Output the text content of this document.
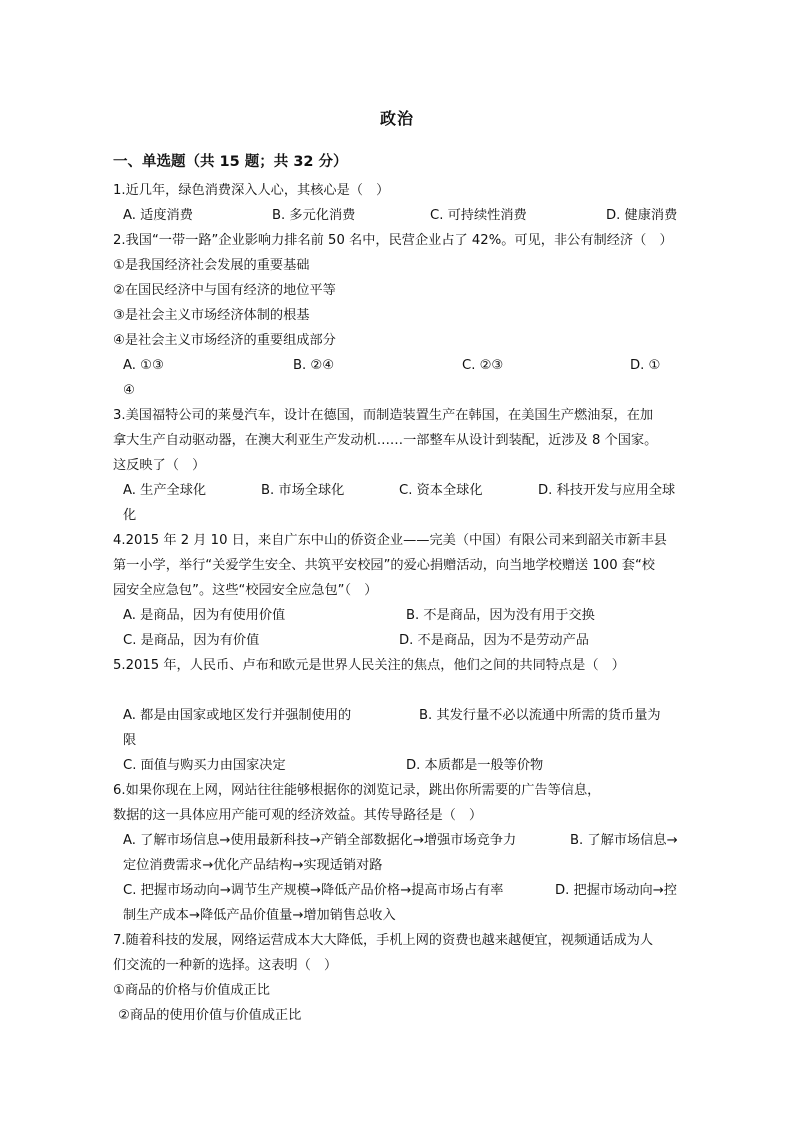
政治
一、单选题（共 15 题；共 32 分）
1.近几年，绿色消费深入人心，其核心是（　）
A. 适度消费	B. 多元化消费	C. 可持续性消费	D. 健康消费
2.我国“一带一路”企业影响力排名前 50 名中，民营企业占了 42%。可见，非公有制经济（　）
①是我国经济社会发展的重要基础
②在国民经济中与国有经济的地位平等
③是社会主义市场经济体制的根基
④是社会主义市场经济的重要组成部分
A. ①③	B. ②④	C. ②③	D. ①
④
3.美国福特公司的莱曼汽车，设计在德国，而制造装置生产在韩国，在美国生产燃油泵，在加
拿大生产自动驱动器，在澳大利亚生产发动机……一部整车从设计到装配，近涉及 8 个国家。
这反映了（　）
A. 生产全球化	B. 市场全球化	C. 资本全球化	D. 科技开发与应用全球
化
4.2015 年 2 月 10 日，来自广东中山的侨资企业——完美（中国）有限公司来到韶关市新丰县
第一小学，举行“关爱学生安全、共筑平安校园”的爱心捐赠活动，向当地学校赠送 100 套“校
园安全应急包”。这些“校园安全应急包”（　）
A. 是商品，因为有使用价值	B. 不是商品，因为没有用于交换
C. 是商品，因为有价值	D. 不是商品，因为不是劳动产品
5.2015 年，人民币、卢布和欧元是世界人民关注的焦点，他们之间的共同特点是（　）
A. 都是由国家或地区发行并强制使用的	B. 其发行量不必以流通中所需的货币量为
限
C. 面值与购买力由国家决定	D. 本质都是一般等价物
6.如果你现在上网，网站往往能够根据你的浏览记录，跳出你所需要的广告等信息，
数据的这一具体应用产能可观的经济效益。其传导路径是（　）
A. 了解市场信息→使用最新科技→产销全部数据化→增强市场竞争力	B. 了解市场信息→
定位消费需求→优化产品结构→实现适销对路
C. 把握市场动向→调节生产规模→降低产品价格→提高市场占有率	D. 把握市场动向→控
制生产成本→降低产品价值量→增加销售总收入
7.随着科技的发展，网络运营成本大大降低，手机上网的资费也越来越便宜，视频通话成为人
们交流的一种新的选择。这表明（　）
①商品的价格与价值成正比
②商品的使用价值与价值成正比
